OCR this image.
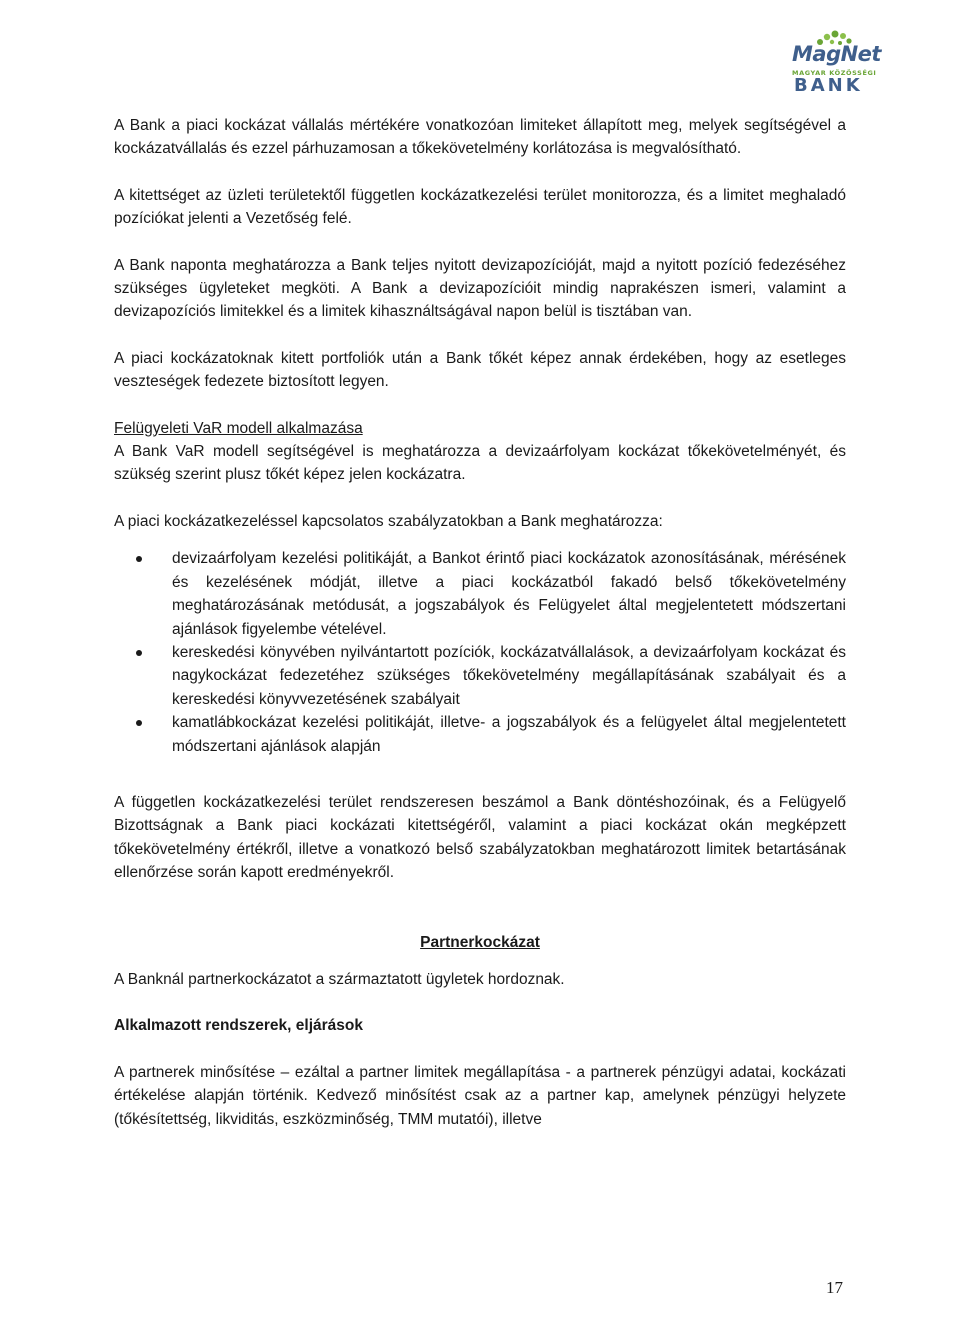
MagNet
MAGYAR KÖZÖSSÉGI
BANK

A Bank a piaci kockázat vállalás mértékére vonatkozóan limiteket állapított meg, melyek segítségével a kockázatvállalás és ezzel párhuzamosan a tőkekövetelmény korlátozása is megvalósítható.

A kitettséget az üzleti területektől független kockázatkezelési terület monitorozza, és a limitet meghaladó pozíciókat jelenti a Vezetőség felé.

A Bank naponta meghatározza a Bank teljes nyitott devizapozícióját, majd a nyitott pozíció fedezéséhez szükséges ügyleteket megköti. A Bank a devizapozícióit mindig naprakészen ismeri, valamint a devizapozíciós limitekkel és a limitek kihasználtságával napon belül is tisztában van.

A piaci kockázatoknak kitett portfoliók után a Bank tőkét képez annak érdekében, hogy az esetleges veszteségek fedezete biztosított legyen.

Felügyeleti VaR modell alkalmazása

A Bank VaR modell segítségével is meghatározza a devizaárfolyam kockázat tőkekövetelményét, és szükség szerint plusz tőkét képez jelen kockázatra.

A piaci kockázatkezeléssel kapcsolatos szabályzatokban a Bank meghatározza:

devizaárfolyam kezelési politikáját, a Bankot érintő piaci kockázatok azonosításának, mérésének és kezelésének módját, illetve a piaci kockázatból fakadó belső tőkekövetelmény meghatározásának metódusát, a jogszabályok és Felügyelet által megjelentetett módszertani ajánlások figyelembe vételével.
kereskedési könyvében nyilvántartott pozíciók, kockázatvállalások, a devizaárfolyam kockázat és nagykockázat fedezetéhez szükséges tőkekövetelmény megállapításának szabályait és a kereskedési könyvvezetésének szabályait
kamatlábkockázat kezelési politikáját, illetve- a jogszabályok és a felügyelet által megjelentetett módszertani ajánlások alapján

A független kockázatkezelési terület rendszeresen beszámol a Bank döntéshozóinak, és a Felügyelő Bizottságnak a Bank piaci kockázati kitettségéről, valamint a piaci kockázat okán megképzett tőkekövetelmény értékről, illetve a vonatkozó belső szabályzatokban meghatározott limitek betartásának ellenőrzése során kapott eredményekről.

Partnerkockázat

A Banknál partnerkockázatot a származtatott ügyletek hordoznak.

Alkalmazott rendszerek, eljárások

A partnerek minősítése – ezáltal a partner limitek megállapítása - a partnerek pénzügyi adatai, kockázati értékelése alapján történik. Kedvező minősítést csak az a partner kap, amelynek pénzügyi helyzete (tőkésítettség, likviditás, eszközminőség, TMM mutatói), illetve

17
